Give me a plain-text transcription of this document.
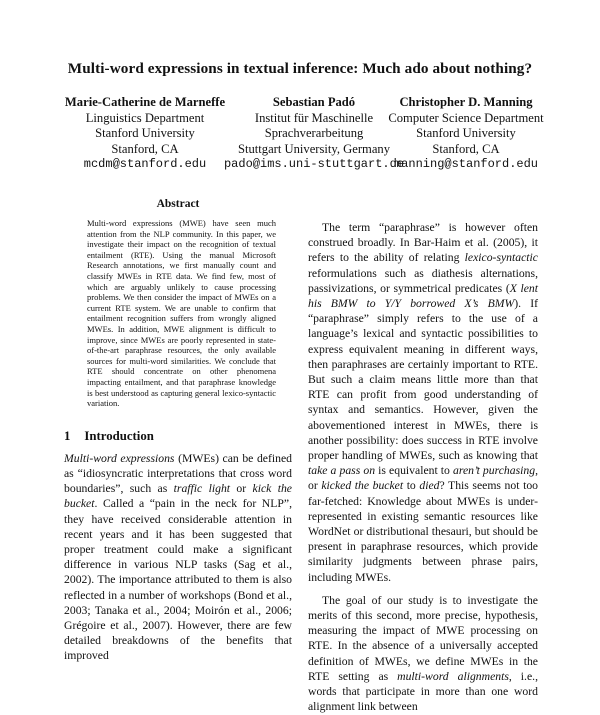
Multi-word expressions in textual inference: Much ado about nothing?
Marie-Catherine de Marneffe
Linguistics Department
Stanford University
Stanford, CA
mcdm@stanford.edu
Sebastian Padó
Institut für Maschinelle
Sprachverarbeitung
Stuttgart University, Germany
pado@ims.uni-stuttgart.de
Christopher D. Manning
Computer Science Department
Stanford University
Stanford, CA
manning@stanford.edu
Abstract

Multi-word expressions (MWE) have seen much attention from the NLP community. In this paper, we investigate their impact on the recognition of textual entailment (RTE). Using the manual Microsoft Research annotations, we first manually count and classify MWEs in RTE data. We find few, most of which are arguably unlikely to cause processing problems. We then consider the impact of MWEs on a current RTE system. We are unable to confirm that entailment recognition suffers from wrongly aligned MWEs. In addition, MWE alignment is difficult to improve, since MWEs are poorly represented in state-of-the-art paraphrase resources, the only available sources for multi-word similarities. We conclude that RTE should concentrate on other phenomena impacting entailment, and that paraphrase knowledge is best understood as capturing general lexico-syntactic variation.

1 Introduction

Multi-word expressions (MWEs) can be defined as “idiosyncratic interpretations that cross word boundaries”, such as traffic light or kick the bucket. Called a “pain in the neck for NLP”, they have received considerable attention in recent years and it has been suggested that proper treatment could make a significant difference in various NLP tasks (Sag et al., 2002). The importance attributed to them is also reflected in a number of workshops (Bond et al., 2003; Tanaka et al., 2004; Moirón et al., 2006; Grégoire et al., 2007). However, there are few detailed breakdowns of the benefits that improved

The term “paraphrase” is however often construed broadly. In Bar-Haim et al. (2005), it refers to the ability of relating lexico-syntactic reformulations such as diathesis alternations, passivizations, or symmetrical predicates (X lent his BMW to Y/Y borrowed X’s BMW). If “paraphrase” simply refers to the use of a language’s lexical and syntactic possibilities to express equivalent meaning in different ways, then paraphrases are certainly important to RTE. But such a claim means little more than that RTE can profit from good understanding of syntax and semantics. However, given the abovementioned interest in MWEs, there is another possibility: does success in RTE involve proper handling of MWEs, such as knowing that take a pass on is equivalent to aren’t purchasing, or kicked the bucket to died? This seems not too far-fetched: Knowledge about MWEs is under-represented in existing semantic resources like WordNet or distributional thesauri, but should be present in paraphrase resources, which provide similarity judgments between phrase pairs, including MWEs.

The goal of our study is to investigate the merits of this second, more precise, hypothesis, measuring the impact of MWE processing on RTE. In the absence of a universally accepted definition of MWEs, we define MWEs in the RTE setting as multi-word alignments, i.e., words that participate in more than one word alignment link between
